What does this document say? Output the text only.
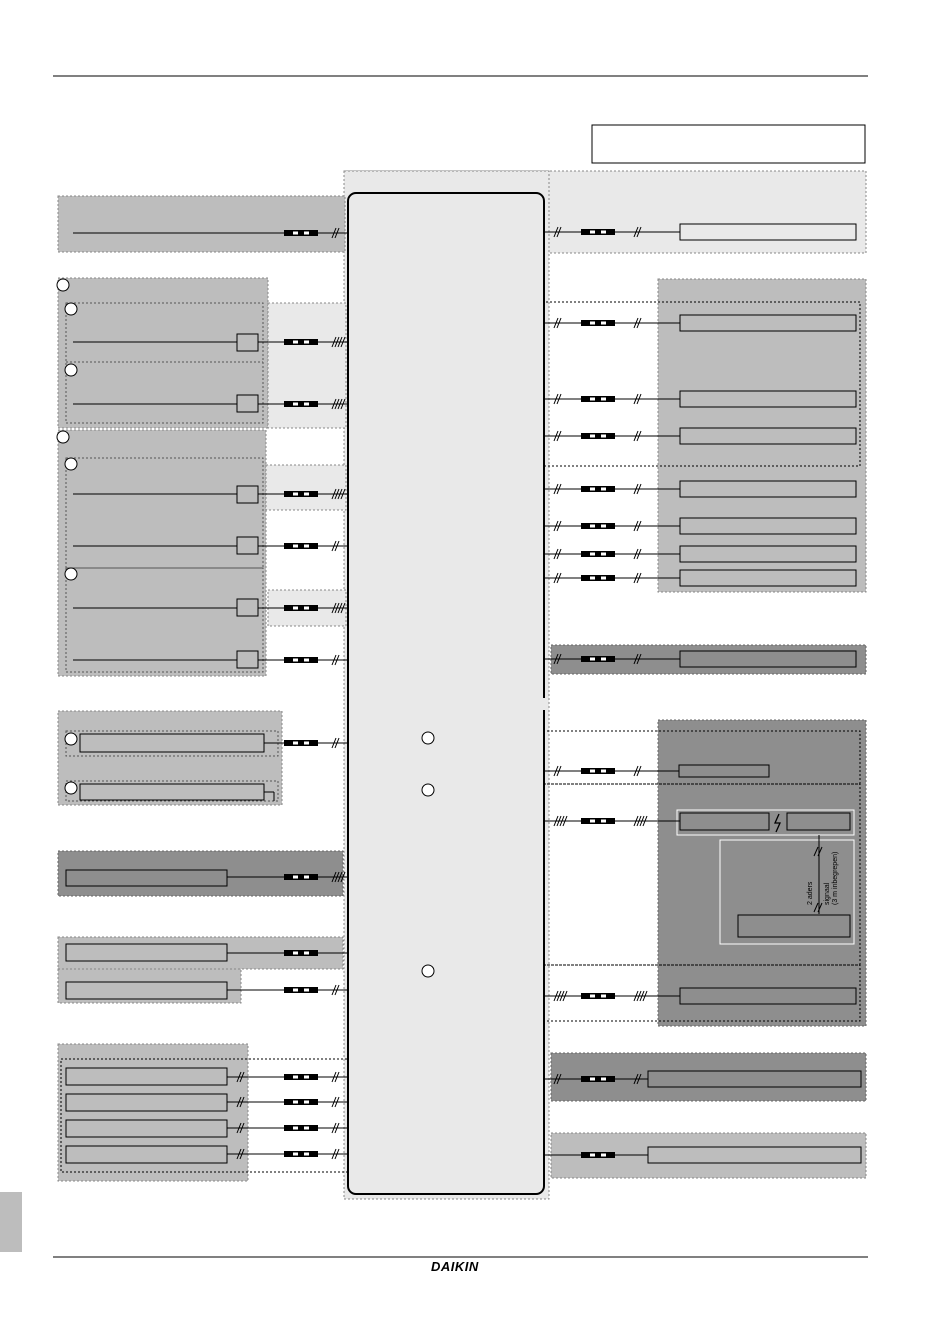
2 aders signaal (3 m inbegrepen)
DAIKIN
